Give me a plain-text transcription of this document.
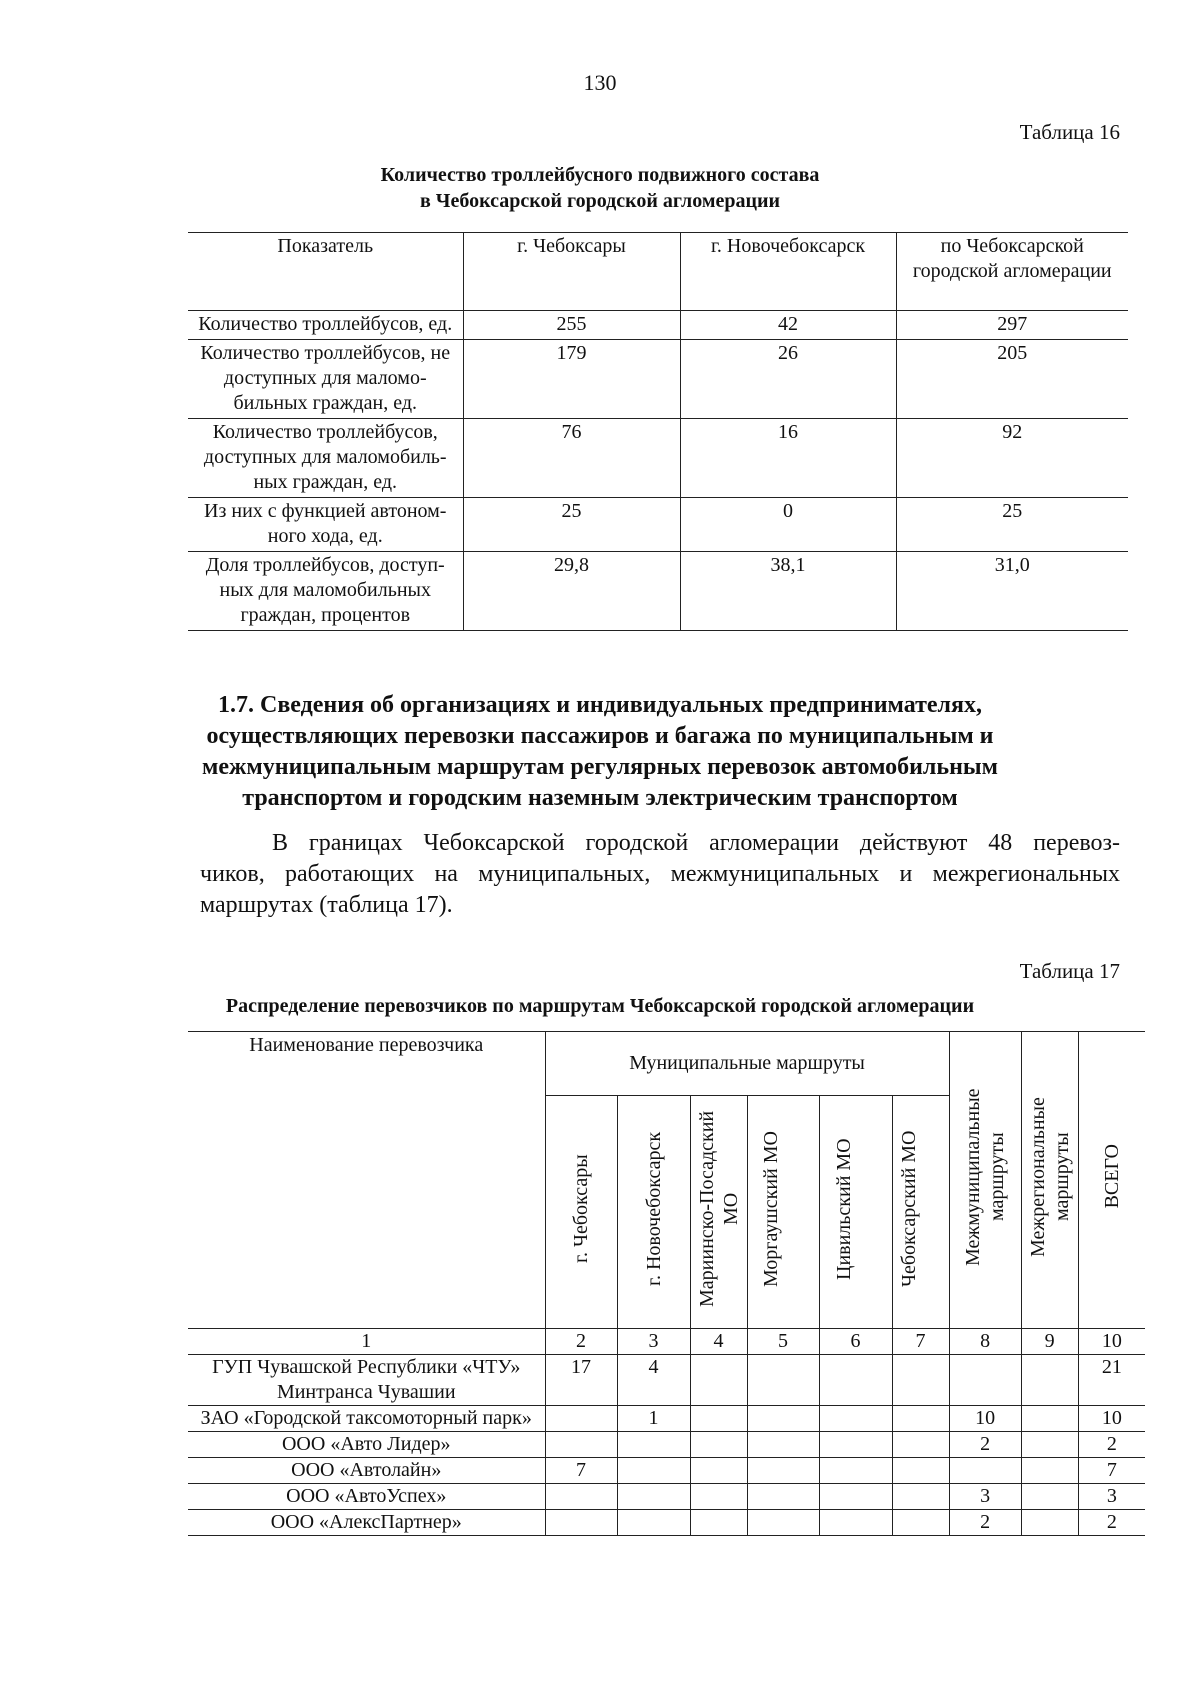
130
Таблица 16
Количество троллейбусного подвижного состава
в Чебоксарской городской агломерации
Показатель	г. Чебоксары	г. Новочебоксарск	по Чебоксарской городской агломерации
Количество троллейбусов, ед.	255	42	297
Количество троллейбусов, не доступных для маломо-бильных граждан, ед.	179	26	205
Количество троллейбусов, доступных для маломобиль-ных граждан, ед.	76	16	92
Из них с функцией автоном-ного хода, ед.	25	0	25
Доля троллейбусов, доступ-ных для маломобильных граждан, процентов	29,8	38,1	31,0
1.7. Сведения об организациях и индивидуальных предпринимателях, осуществляющих перевозки пассажиров и багажа по муниципальным и межмуниципальным маршрутам регулярных перевозок автомобильным транспортом и городским наземным электрическим транспортом
В границах Чебоксарской городской агломерации действуют 48 перевоз-
чиков, работающих на муниципальных, межмуниципальных и межрегиональных
маршрутах (таблица 17).
Таблица 17
Распределение перевозчиков по маршрутам Чебоксарской городской агломерации
Наименование перевозчика	Муниципальные маршруты						Межмуниципальные маршруты	Межрегиональные маршруты	ВСЕГО
	г. Чебоксары	г. Новочебоксарск	Мариинско-Посадский МО	Моргаушский МО	Цивильский МО	Чебоксарский МО			
1	2	3	4	5	6	7	8	9	10
ГУП Чувашской Республики «ЧТУ» Минтранса Чувашии	17	4							21
ЗАО «Городской таксомоторный парк»		1					10		10
ООО «Авто Лидер»							2		2
ООО «Автолайн»	7								7
ООО «АвтоУспех»							3		3
ООО «АлексПартнер»							2		2
